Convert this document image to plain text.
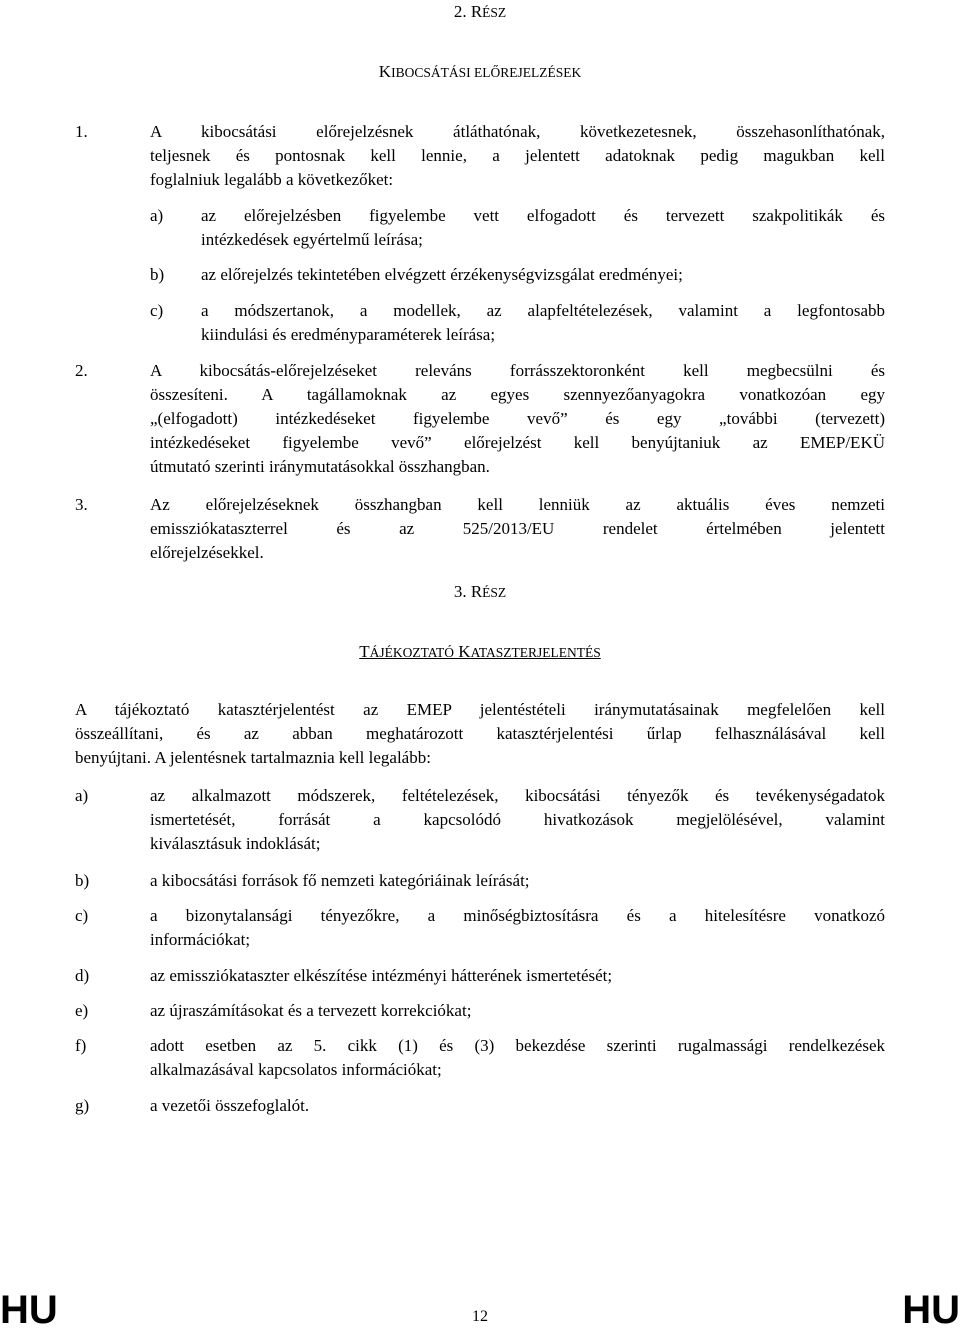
2. RÉSZ
KIBOCSÁTÁSI ELŐREJELZÉSEK
1.	A kibocsátási előrejelzésnek átláthatónak, következetesnek, összehasonlíthatónak,
teljesnek és pontosnak kell lennie, a jelentett adatoknak pedig magukban kell
foglalniuk legalább a következőket:
a) az előrejelzésben figyelembe vett elfogadott és tervezett szakpolitikák és
intézkedések egyértelmű leírása;
b) az előrejelzés tekintetében elvégzett érzékenységvizsgálat eredményei;
c) a módszertanok, a modellek, az alapfeltételezések, valamint a legfontosabb
kiindulási és eredményparaméterek leírása;
2.	A kibocsátás-előrejelzéseket releváns forrásszektoronként kell megbecsülni és
összesíteni. A tagállamoknak az egyes szennyezőanyagokra vonatkozóan egy
„(elfogadott) intézkedéseket figyelembe vevő” és egy „további (tervezett)
intézkedéseket figyelembe vevő” előrejelzést kell benyújtaniuk az EMEP/EKÜ
útmutató szerinti iránymutatásokkal összhangban.
3.	Az előrejelzéseknek összhangban kell lenniük az aktuális éves nemzeti
emissziókataszterrel és az 525/2013/EU rendelet értelmében jelentett
előrejelzésekkel.
3. RÉSZ
TÁJÉKOZTATÓ KATASZTERJELENTÉS
A tájékoztató katasztérjelentést az EMEP jelentéstételi iránymutatásainak megfelelően kell
összeállítani, és az abban meghatározott katasztérjelentési űrlap felhasználásával kell
benyújtani. A jelentésnek tartalmaznia kell legalább:
a)	az alkalmazott módszerek, feltételezések, kibocsátási tényezők és tevékenységadatok
ismertetését, forrását a kapcsolódó hivatkozások megjelölésével, valamint
kiválasztásuk indoklását;
b)	a kibocsátási források fő nemzeti kategóriáinak leírását;
c)	a bizonytalansági tényezőkre, a minőségbiztosításra és a hitelesítésre vonatkozó
információkat;
d)	az emissziókataszter elkészítése intézményi hátterének ismertetését;
e)	az újraszámításokat és a tervezett korrekciókat;
f)	adott esetben az 5. cikk (1) és (3) bekezdése szerinti rugalmassági rendelkezések
alkalmazásával kapcsolatos információkat;
g)	a vezetői összefoglalót.
HU	12	HU
